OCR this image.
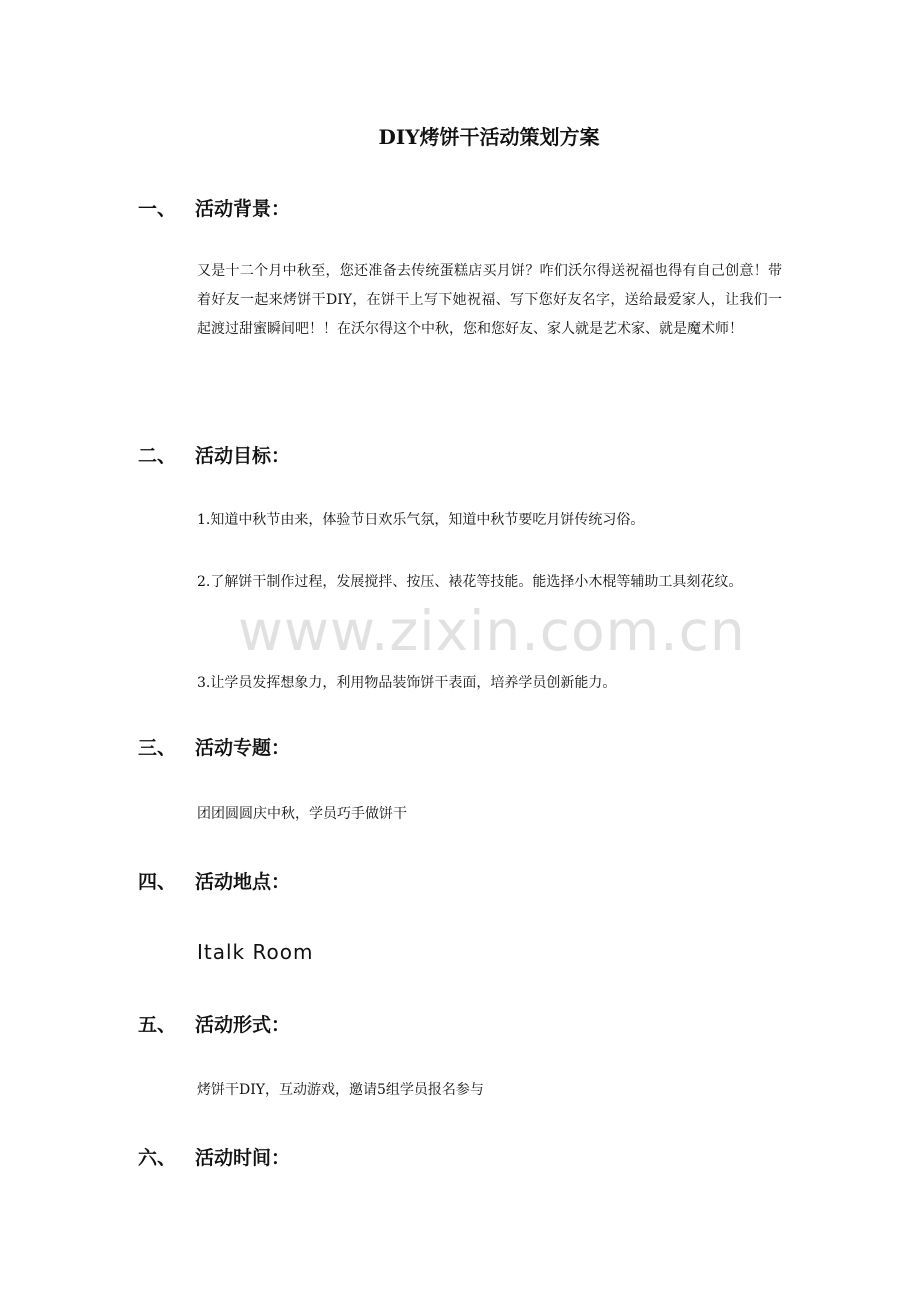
DIY烤饼干活动策划方案
一、 活动背景：

又是十二个月中秋至，您还准备去传统蛋糕店买月饼？咋们沃尔得送祝福也得有自己创意！带着好友一起来烤饼干DIY，在饼干上写下她祝福、写下您好友名字，送给最爱家人，让我们一起渡过甜蜜瞬间吧！！在沃尔得这个中秋，您和您好友、家人就是艺术家、就是魔术师！

二、 活动目标：

1.知道中秋节由来，体验节日欢乐气氛，知道中秋节要吃月饼传统习俗。

2.了解饼干制作过程，发展搅拌、按压、裱花等技能。能选择小木棍等辅助工具刻花纹。

3.让学员发挥想象力，利用物品装饰饼干表面，培养学员创新能力。

三、 活动专题：

团团圆圆庆中秋，学员巧手做饼干

四、 活动地点：

Italk Room

五、 活动形式：

烤饼干DIY，互动游戏，邀请5组学员报名参与

六、 活动时间：
www.zixin.com.cn
